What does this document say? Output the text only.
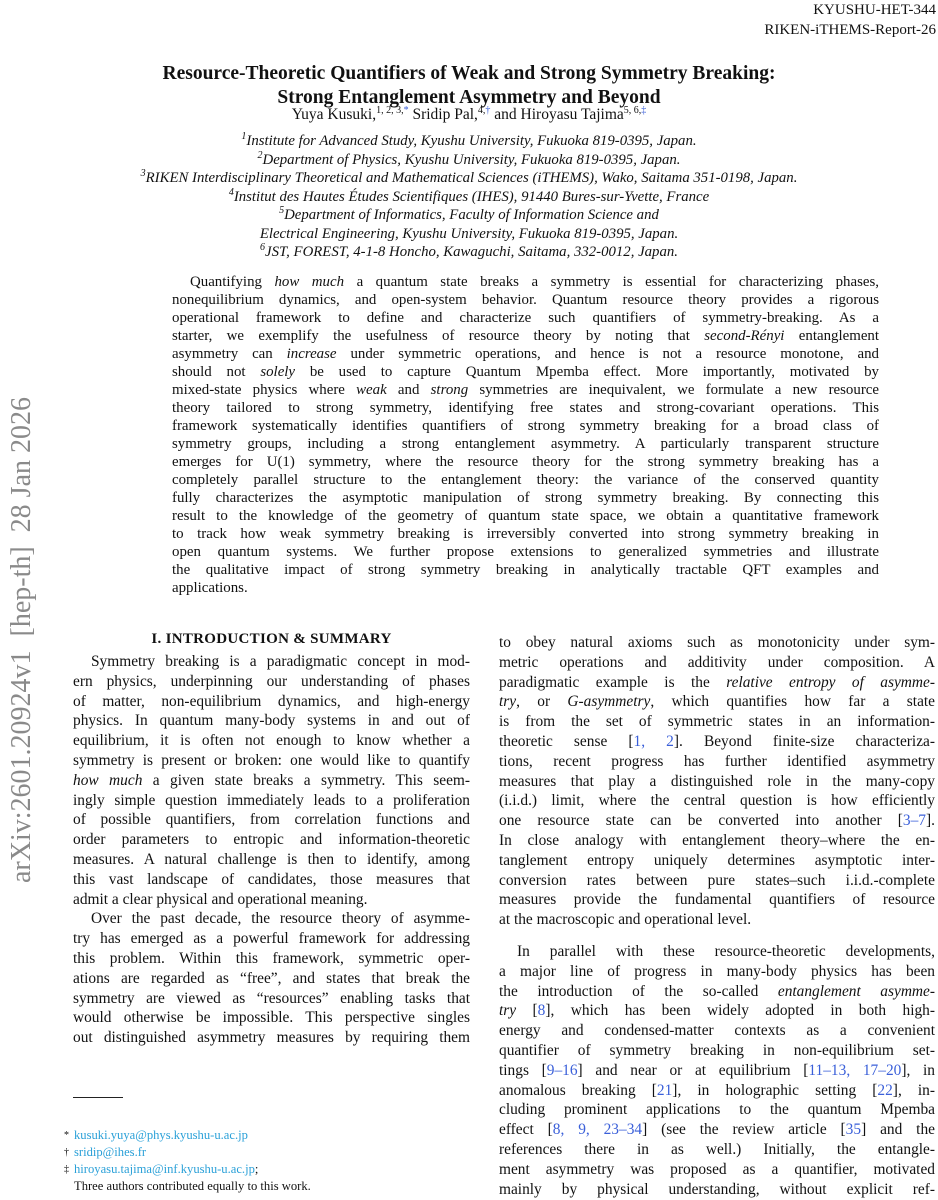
KYUSHU-HET-344
RIKEN-iTHEMS-Report-26
arXiv:2601.20924v1  [hep-th]  28 Jan 2026
Resource-Theoretic Quantifiers of Weak and Strong Symmetry Breaking:
Strong Entanglement Asymmetry and Beyond
Yuya Kusuki,$^{1, 2, 3,*}$ Sridip Pal,$^{4,\dagger}$ and Hiroyasu Tajima$^{5, 6,\ddagger}$
$^1$Institute for Advanced Study, Kyushu University, Fukuoka 819-0395, Japan.
$^2$Department of Physics, Kyushu University, Fukuoka 819-0395, Japan.
$^3$RIKEN Interdisciplinary Theoretical and Mathematical Sciences (iTHEMS), Wako, Saitama 351-0198, Japan.
$^4$Institut des Hautes Études Scientifiques (IHES), 91440 Bures-sur-Yvette, France
$^5$Department of Informatics, Faculty of Information Science and
Electrical Engineering, Kyushu University, Fukuoka 819-0395, Japan.
$^6$JST, FOREST, 4-1-8 Honcho, Kawaguchi, Saitama, 332-0012, Japan.
Quantifying how much a quantum state breaks a symmetry is essential for characterizing phases,
nonequilibrium dynamics, and open-system behavior. Quantum resource theory provides a rigorous
operational framework to define and characterize such quantifiers of symmetry-breaking. As a
starter, we exemplify the usefulness of resource theory by noting that second-Rényi entanglement
asymmetry can increase under symmetric operations, and hence is not a resource monotone, and
should not solely be used to capture Quantum Mpemba effect. More importantly, motivated by
mixed-state physics where weak and strong symmetries are inequivalent, we formulate a new resource
theory tailored to strong symmetry, identifying free states and strong-covariant operations. This
framework systematically identifies quantifiers of strong symmetry breaking for a broad class of
symmetry groups, including a strong entanglement asymmetry. A particularly transparent structure
emerges for U(1) symmetry, where the resource theory for the strong symmetry breaking has a
completely parallel structure to the entanglement theory: the variance of the conserved quantity
fully characterizes the asymptotic manipulation of strong symmetry breaking. By connecting this
result to the knowledge of the geometry of quantum state space, we obtain a quantitative framework
to track how weak symmetry breaking is irreversibly converted into strong symmetry breaking in
open quantum systems. We further propose extensions to generalized symmetries and illustrate
the qualitative impact of strong symmetry breaking in analytically tractable QFT examples and
applications.
I. INTRODUCTION & SUMMARY
Symmetry breaking is a paradigmatic concept in mod-
ern physics, underpinning our understanding of phases
of matter, non-equilibrium dynamics, and high-energy
physics. In quantum many-body systems in and out of
equilibrium, it is often not enough to know whether a
symmetry is present or broken: one would like to quantify
how much a given state breaks a symmetry. This seem-
ingly simple question immediately leads to a proliferation
of possible quantifiers, from correlation functions and
order parameters to entropic and information-theoretic
measures. A natural challenge is then to identify, among
this vast landscape of candidates, those measures that
admit a clear physical and operational meaning.
Over the past decade, the resource theory of asymme-
try has emerged as a powerful framework for addressing
this problem. Within this framework, symmetric oper-
ations are regarded as “free”, and states that break the
symmetry are viewed as “resources” enabling tasks that
would otherwise be impossible. This perspective singles
out distinguished asymmetry measures by requiring them
to obey natural axioms such as monotonicity under sym-
metric operations and additivity under composition. A
paradigmatic example is the relative entropy of asymme-
try, or G-asymmetry, which quantifies how far a state
is from the set of symmetric states in an information-
theoretic sense [1, 2]. Beyond finite-size characteriza-
tions, recent progress has further identified asymmetry
measures that play a distinguished role in the many-copy
(i.i.d.) limit, where the central question is how efficiently
one resource state can be converted into another [3–7].
In close analogy with entanglement theory–where the en-
tanglement entropy uniquely determines asymptotic inter-
conversion rates between pure states–such i.i.d.-complete
measures provide the fundamental quantifiers of resource
at the macroscopic and operational level.
In parallel with these resource-theoretic developments,
a major line of progress in many-body physics has been
the introduction of the so-called entanglement asymme-
try [8], which has been widely adopted in both high-
energy and condensed-matter contexts as a convenient
quantifier of symmetry breaking in non-equilibrium set-
tings [9–16] and near or at equilibrium [11–13, 17–20], in
anomalous breaking [21], in holographic setting [22], in-
cluding prominent applications to the quantum Mpemba
effect [8, 9, 23–34] (see the review article [35] and the
references there in as well.) Initially, the entangle-
ment asymmetry was proposed as a quantifier, motivated
mainly by physical understanding, without explicit ref-
* kusuki.yuya@phys.kyushu-u.ac.jp
† sridip@ihes.fr
‡ hiroyasu.tajima@inf.kyushu-u.ac.jp;
Three authors contributed equally to this work.
